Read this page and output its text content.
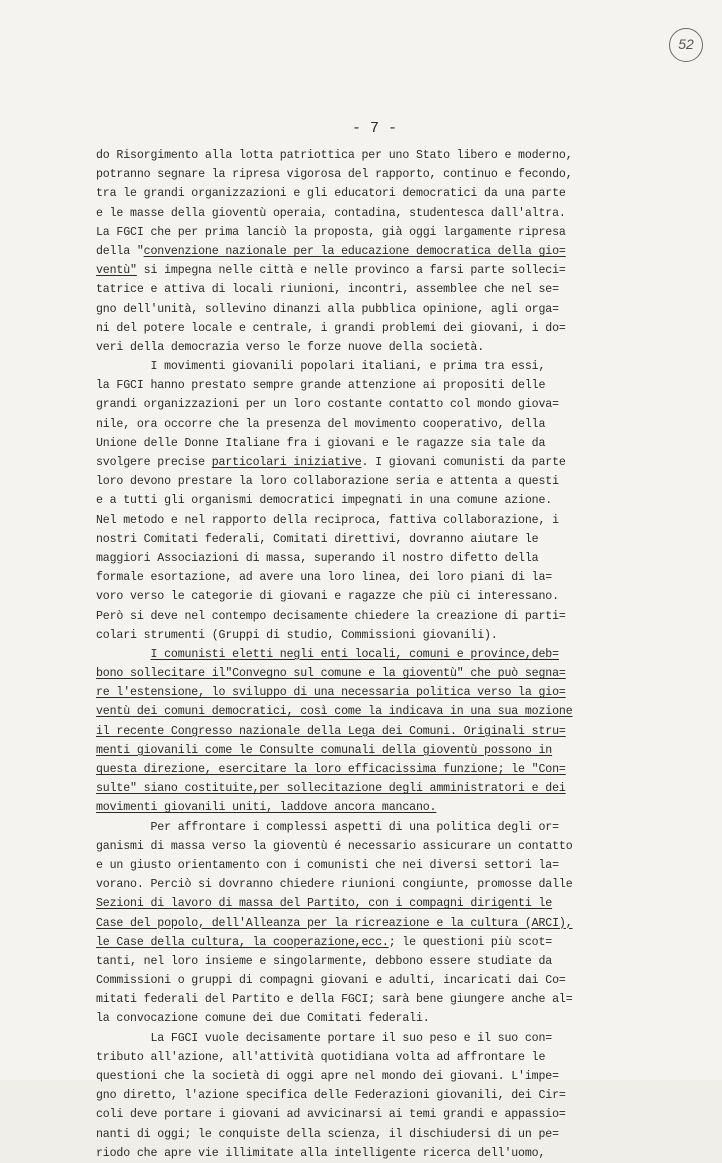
52
- 7 -
do Risorgimento alla lotta patriottica per uno Stato libero e moderno,
potranno segnare la ripresa vigorosa del rapporto, continuo e fecondo,
tra le grandi organizzazioni e gli educatori democratici da una parte
e le masse della gioventù operaia, contadina, studentesca dall'altra.
La FGCI che per prima lanciò la proposta, già oggi largamente ripresa
della "convenzione nazionale per la educazione democratica della gio=
ventù" si impegna nelle città e nelle provinco a farsi parte solleci=
tatrice e attiva di locali riunioni, incontri, assemblee che nel se=
gno dell'unità, sollevino dinanzi alla pubblica opinione, agli orga=
ni del potere locale e centrale, i grandi problemi dei giovani, i do=
veri della democrazia verso le forze nuove della società.
I movimenti giovanili popolari italiani, e prima tra essi,
la FGCI hanno prestato sempre grande attenzione ai propositi delle
grandi organizzazioni per un loro costante contatto col mondo giova=
nile, ora occorre che la presenza del movimento cooperativo, della
Unione delle Donne Italiane fra i giovani e le ragazze sia tale da
svolgere precise particolari iniziative. I giovani comunisti da parte
loro devono prestare la loro collaborazione seria e attenta a questi
e a tutti gli organismi democratici impegnati in una comune azione.
Nel metodo e nel rapporto della reciproca, fattiva collaborazione, i
nostri Comitati federali, Comitati direttivi, dovranno aiutare le
maggiori Associazioni di massa, superando il nostro difetto della
formale esortazione, ad avere una loro linea, dei loro piani di la=
voro verso le categorie di giovani e ragazze che più ci interessano.
Però si deve nel contempo decisamente chiedere la creazione di parti=
colari strumenti (Gruppi di studio, Commissioni giovanili).
I comunisti eletti negli enti locali, comuni e province,deb=
bono sollecitare il"Convegno sul comune e la gioventù" che può segna=
re l'estensione, lo sviluppo di una necessaria politica verso la gio=
ventù dei comuni democratici, così come la indicava in una sua mozione
il recente Congresso nazionale della Lega dei Comuni. Originali stru=
menti giovanili come le Consulte comunali della gioventù possono in
questa direzione, esercitare la loro efficacissima funzione; le "Con=
sulte" siano costituite,per sollecitazione degli amministratori e dei
movimenti giovanili uniti, laddove ancora mancano.
Per affrontare i complessi aspetti di una politica degli or=
ganismi di massa verso la gioventù é necessario assicurare un contatto
e un giusto orientamento con i comunisti che nei diversi settori la=
vorano. Perciò si dovranno chiedere riunioni congiunte, promosse dalle
Sezioni di lavoro di massa del Partito, con i compagni dirigenti le
Case del popolo, dell'Alleanza per la ricreazione e la cultura (ARCI),
le Case della cultura, la cooperazione,ecc.; le questioni più scot=
tanti, nel loro insieme e singolarmente, debbono essere studiate da
Commissioni o gruppi di compagni giovani e adulti, incaricati dai Co=
mitati federali del Partito e della FGCI; sarà bene giungere anche al=
la convocazione comune dei due Comitati federali.
La FGCI vuole decisamente portare il suo peso e il suo con=
tributo all'azione, all'attività quotidiana volta ad affrontare le
questioni che la società di oggi apre nel mondo dei giovani. L'impe=
gno diretto, l'azione specifica delle Federazioni giovanili, dei Cir=
coli deve portare i giovani ad avvicinarsi ai temi grandi e appassio=
nanti di oggi; le conquiste della scienza, il dischiudersi di un pe=
riodo che apre vie illimitate alla intelligente ricerca dell'uomo,
